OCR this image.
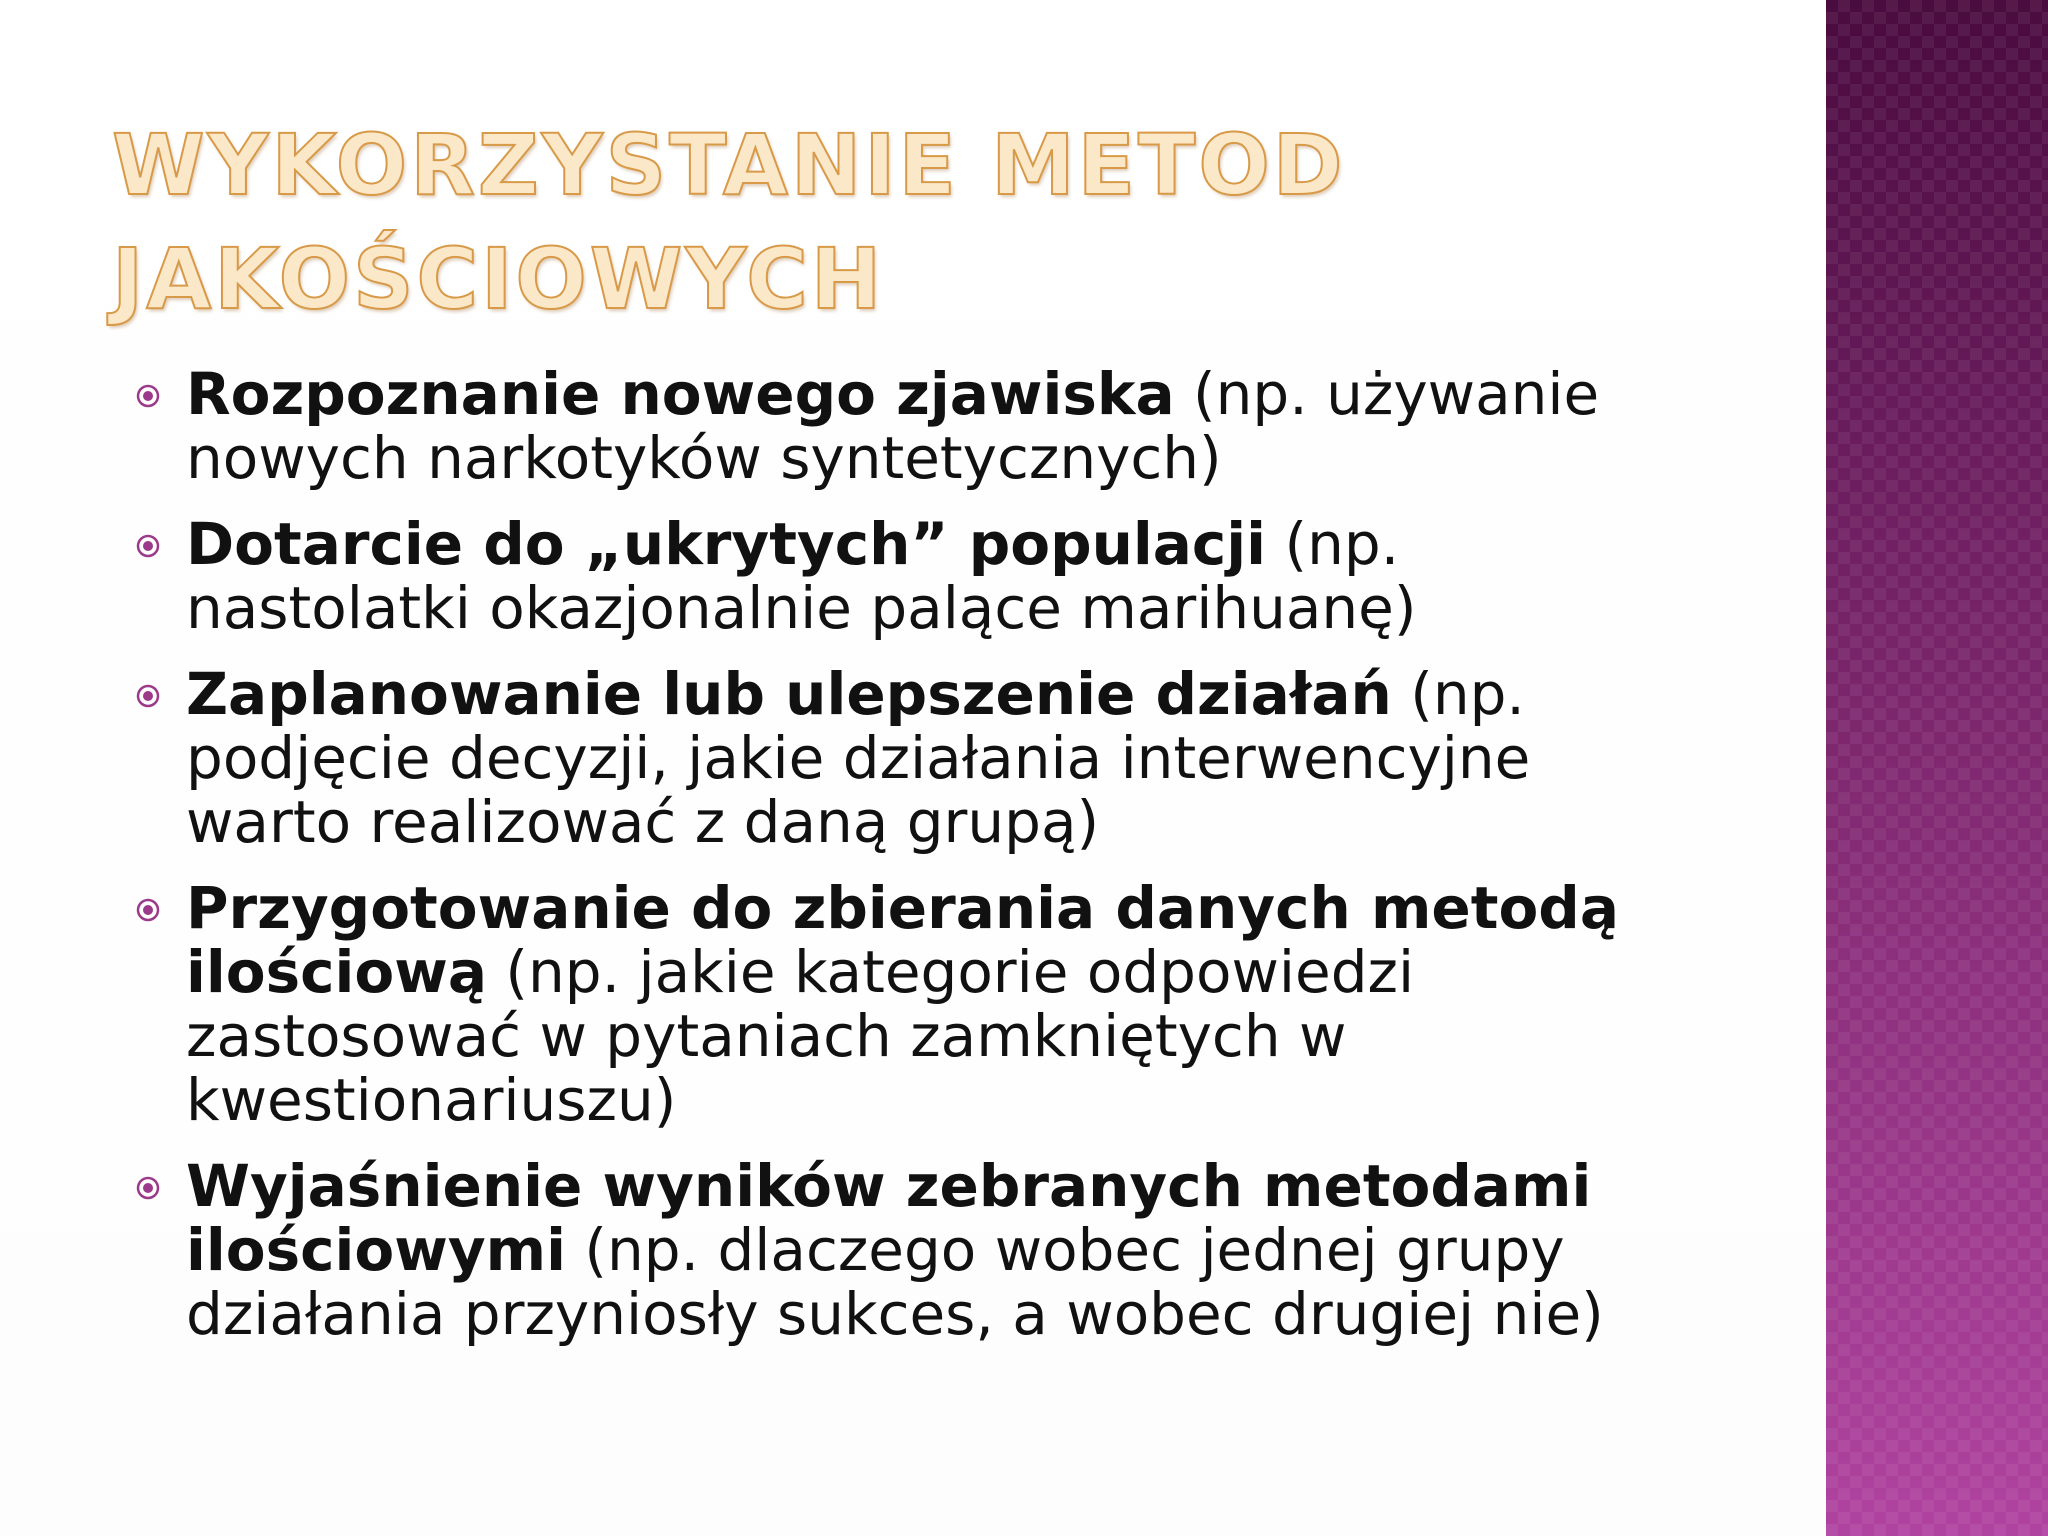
WYKORZYSTANIE METOD
JAKOŚCIOWYCH
Rozpoznanie nowego zjawiska (np. używanie nowych narkotyków syntetycznych)
Dotarcie do „ukrytych” populacji (np. nastolatki okazjonalnie palące marihuanę)
Zaplanowanie lub ulepszenie działań (np. podjęcie decyzji, jakie działania interwencyjne warto realizować z daną grupą)
Przygotowanie do zbierania danych metodą ilościową (np. jakie kategorie odpowiedzi zastosować w pytaniach zamkniętych w kwestionariuszu)
Wyjaśnienie wyników zebranych metodami ilościowymi (np. dlaczego wobec jednej grupy działania przyniosły sukces, a wobec drugiej nie)
